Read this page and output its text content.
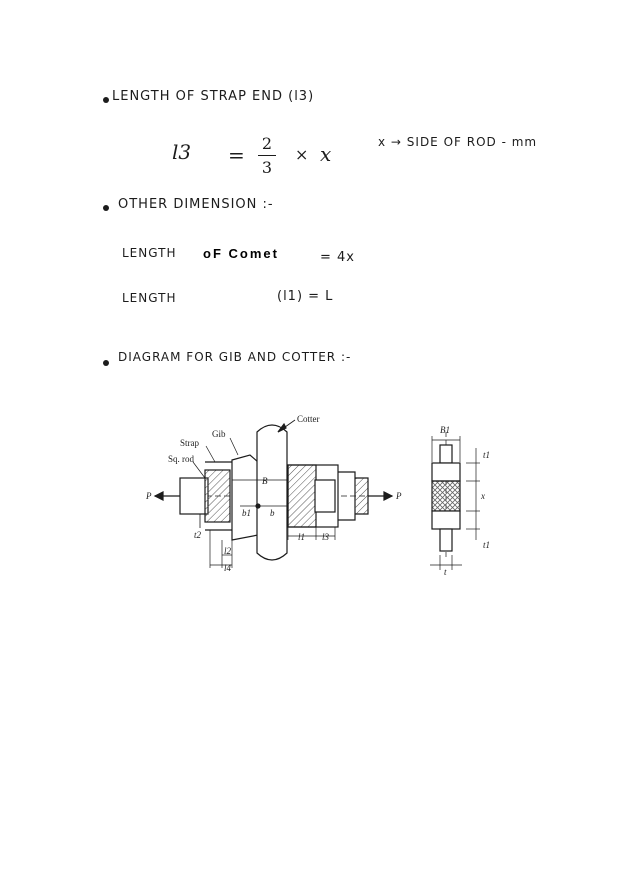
LENGTH OF STRAP END (l3)
l3 = 2
3
× x	x → SIDE OF ROD - mm
OTHER DIMENSION :-
LENGTH oF Comet	= 4x
LENGTH	(l1) = L
DIAGRAM FOR GIB AND COTTER :-
Cotter
Gib
Strap
Sq. rod
P	P
B
b1 b
t2
l2
l4
l1 l3
B1
t1
x
t1
t
